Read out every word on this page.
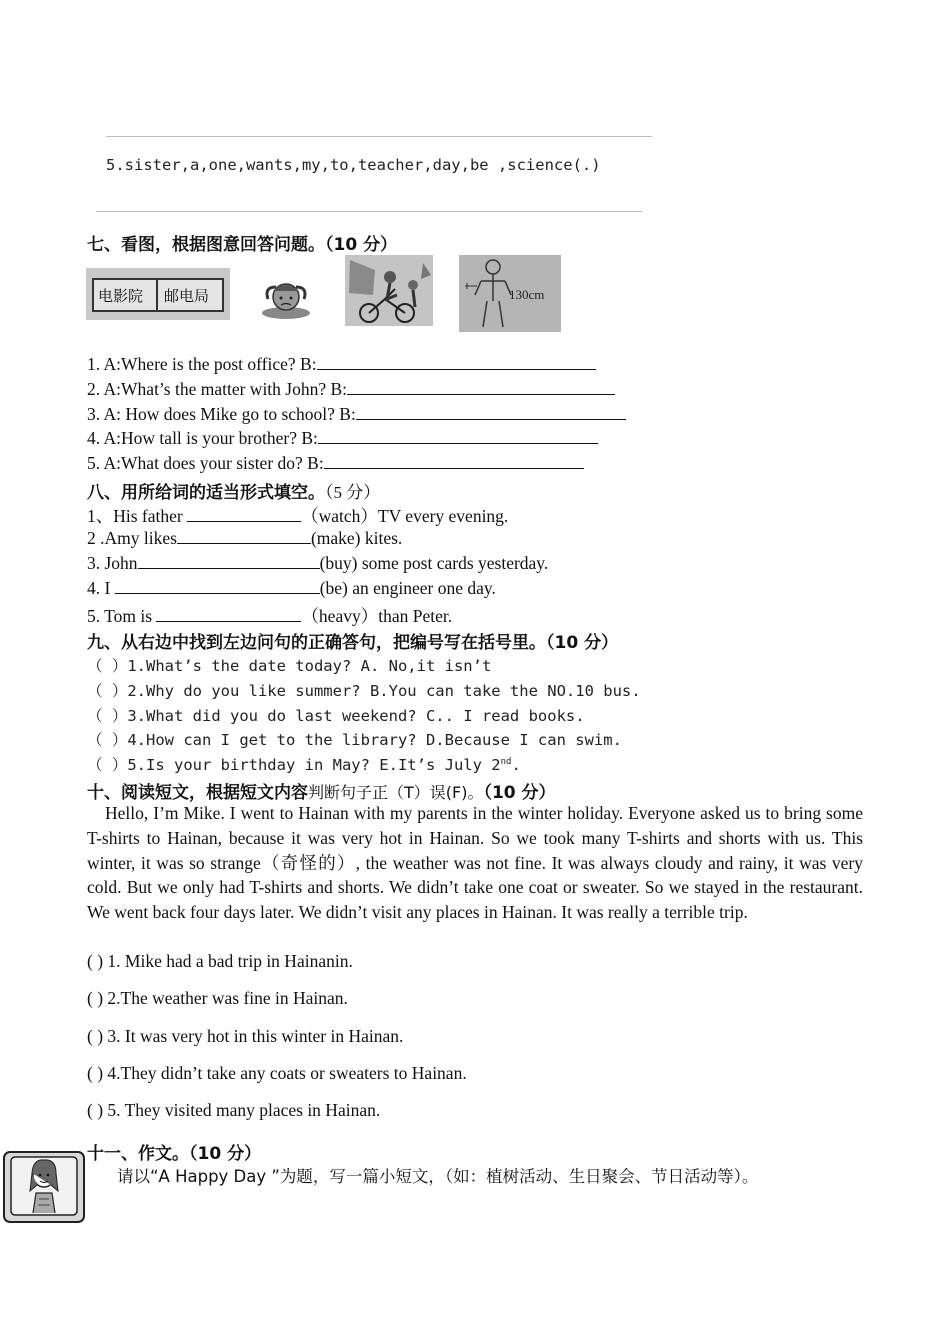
5.sister,a,one,wants,my,to,teacher,day,be ,science(.)
七、看图，根据图意回答问题。（10 分）
电影院 邮电局	130cm
1. A:Where is the post office? B:
2. A:What’s the matter with John? B:
3. A: How does Mike go to school? B:
4. A:How tall is your brother? B:
5. A:What does your sister do? B:
八、用所给词的适当形式填空。（5 分）
1、His father	（watch）TV every evening.
2 .Amy likes	(make) kites.
3. John	(buy) some post cards yesterday.
4. I	(be) an engineer one day.
5. Tom is	（heavy）than Peter.
九、从右边中找到左边问句的正确答句，把编号写在括号里。（10 分）
（ ）1.What’s the date today? A. No,it isn’t
（ ）2.Why do you like summer? B.You can take the NO.10 bus.
（ ）3.What did you do last weekend? C.. I read books.
（ ）4.How can I get to the library? D.Because I can swim.
（ ）5.Is your birthday in May? E.It’s July 2nd.
十、阅读短文，根据短文内容判断句子正（T）误(F)。（10 分）
Hello, I’m Mike. I went to Hainan with my parents in the winter holiday. Everyone asked us to bring some T-shirts to Hainan, because it was very hot in Hainan. So we took many T-shirts and shorts with us. This winter, it was so strange（奇怪的）, the weather was not fine. It was always cloudy and rainy, it was very cold. But we only had T-shirts and shorts. We didn’t take one coat or sweater. So we stayed in the restaurant. We went back four days later. We didn’t visit any places in Hainan. It was really a terrible trip.
( ) 1. Mike had a bad trip in Hainanin.
( ) 2.The weather was fine in Hainan.
( ) 3. It was very hot in this winter in Hainan.
( ) 4.They didn’t take any coats or sweaters to Hainan.
( ) 5. They visited many places in Hainan.
十一、作文。（10 分）
请以“A Happy Day ”为题，写一篇小短文，（如：植树活动、生日聚会、节日活动等）。
